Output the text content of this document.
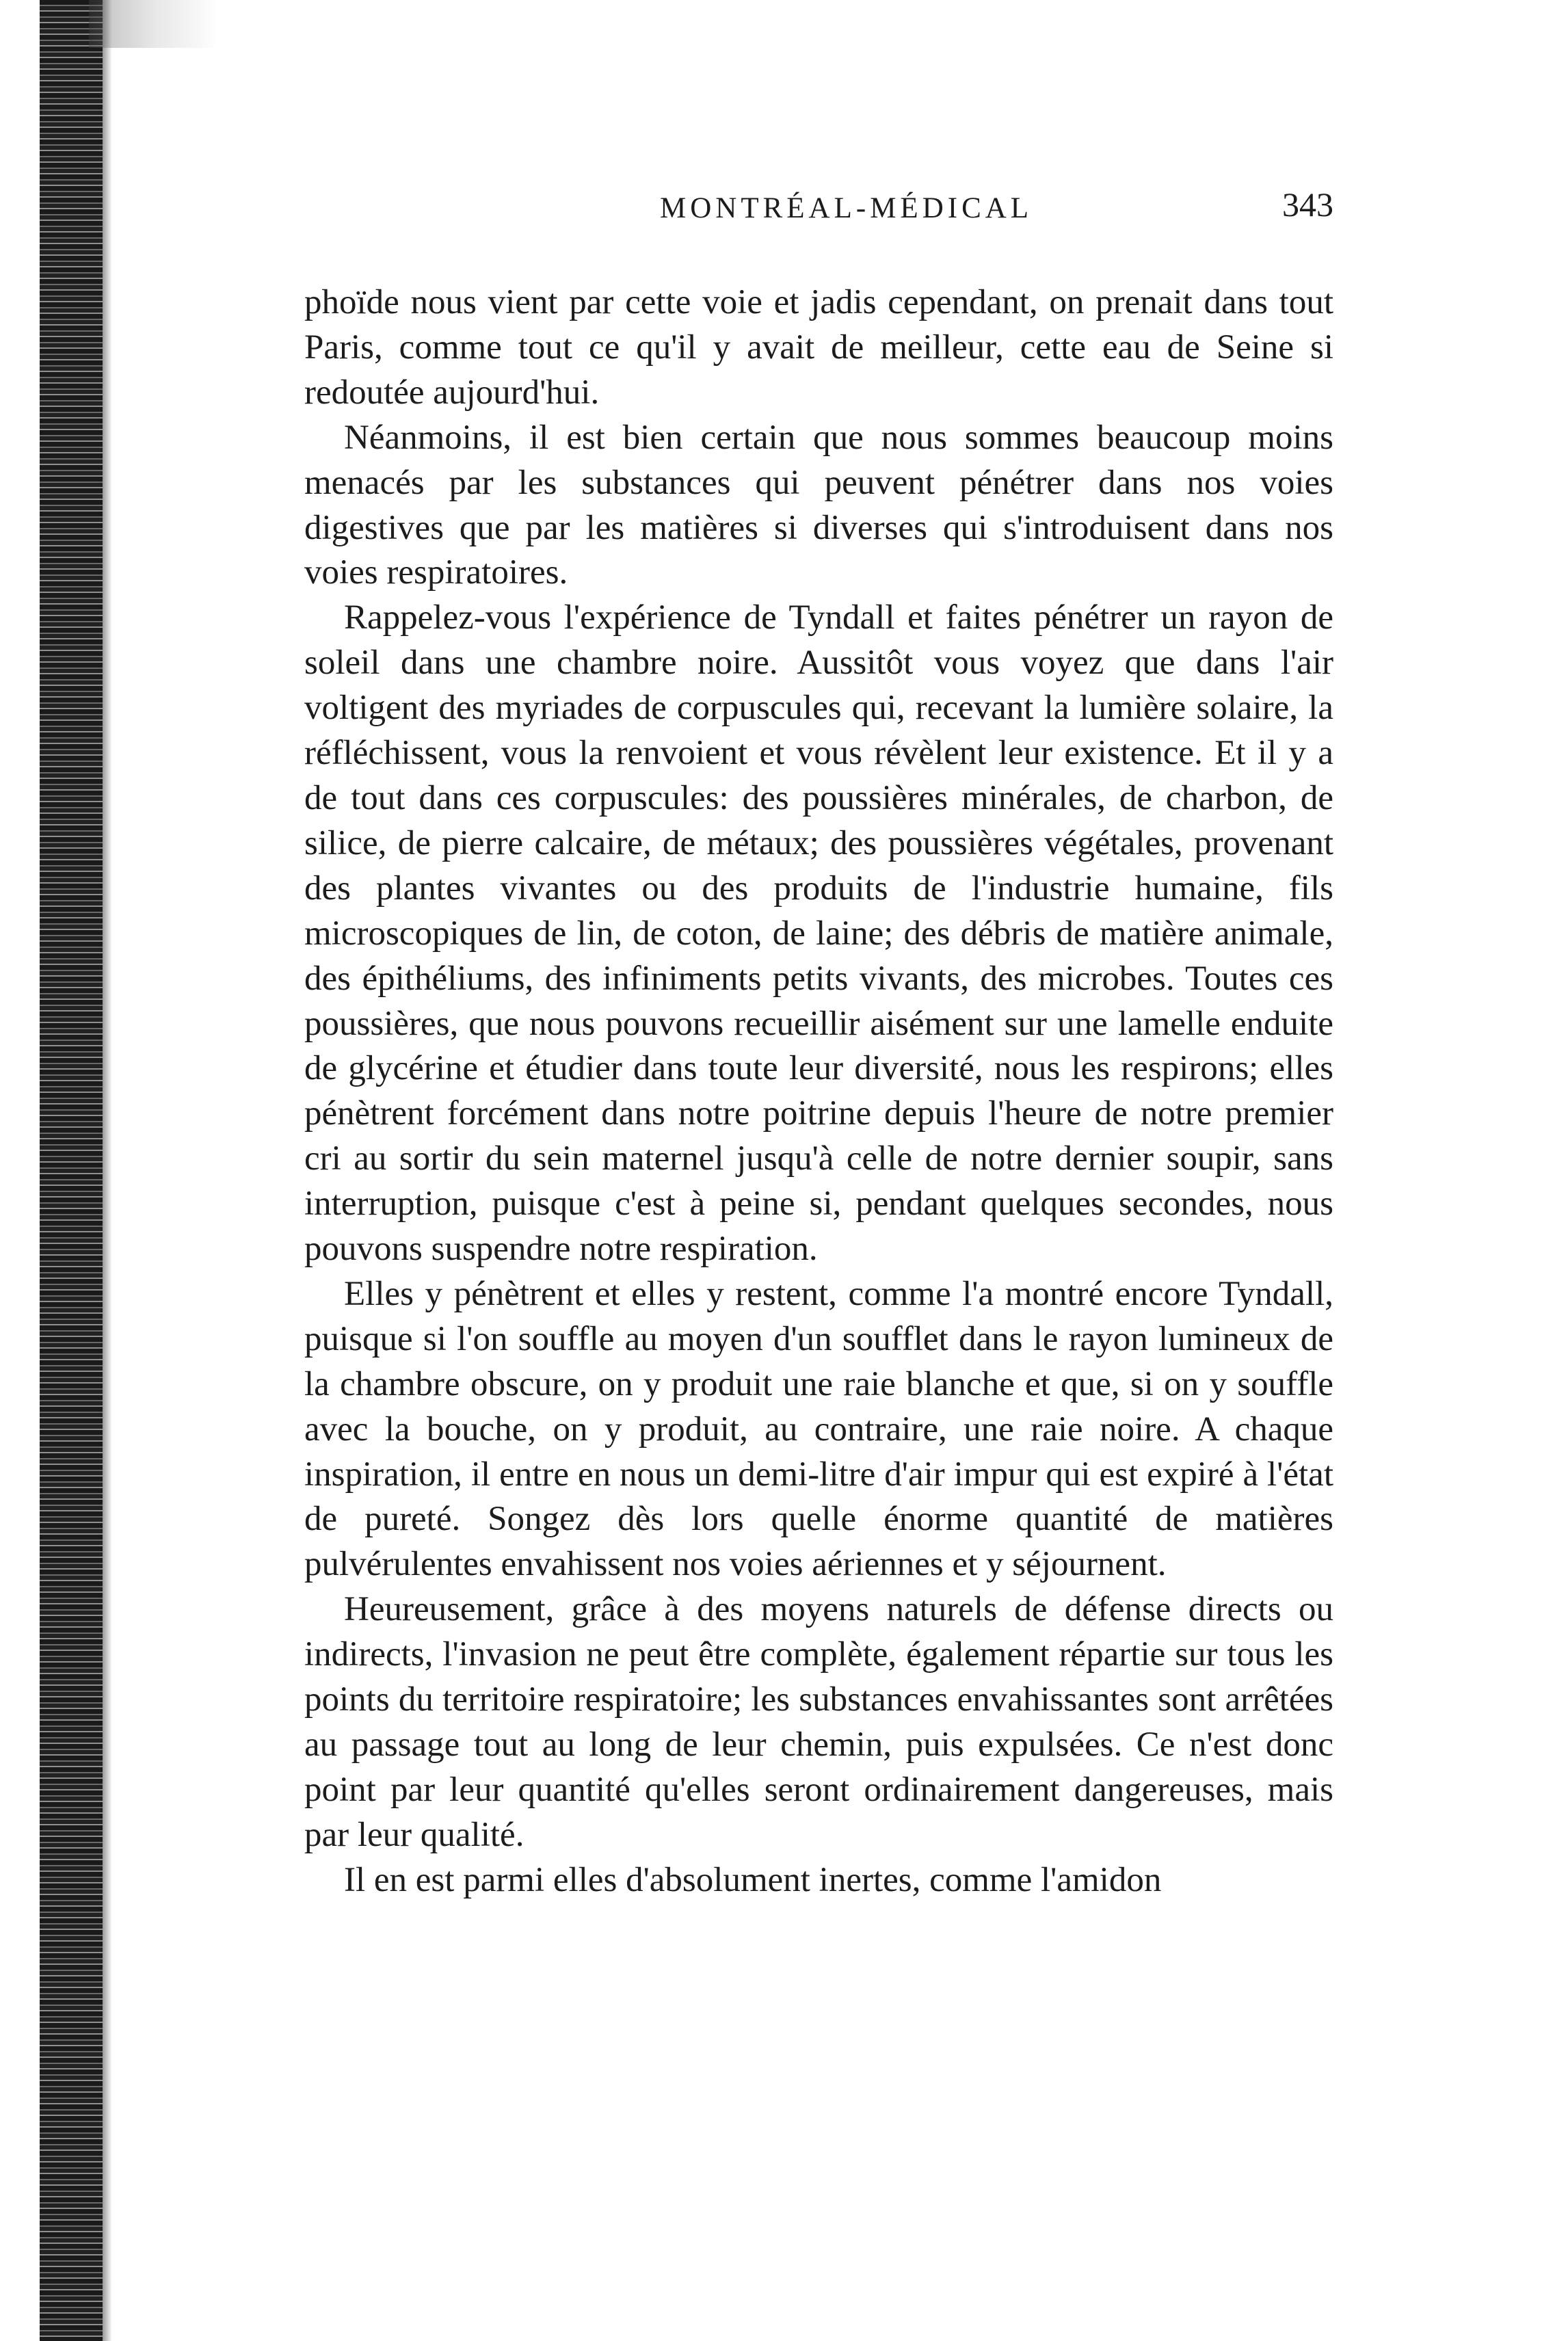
MONTRÉAL-MÉDICAL	343

phoïde nous vient par cette voie et jadis cependant, on prenait dans tout Paris, comme tout ce qu'il y avait de meilleur, cette eau de Seine si redoutée aujourd'hui.

Néanmoins, il est bien certain que nous sommes beaucoup moins menacés par les substances qui peuvent pénétrer dans nos voies digestives que par les matières si diverses qui s'introduisent dans nos voies respiratoires.

Rappelez-vous l'expérience de Tyndall et faites pénétrer un rayon de soleil dans une chambre noire. Aussitôt vous voyez que dans l'air voltigent des myriades de corpuscules qui, recevant la lumière solaire, la réfléchissent, vous la renvoient et vous révèlent leur existence. Et il y a de tout dans ces corpuscules: des poussières minérales, de charbon, de silice, de pierre calcaire, de métaux; des poussières végétales, provenant des plantes vivantes ou des produits de l'industrie humaine, fils microscopiques de lin, de coton, de laine; des débris de matière animale, des épithéliums, des infiniments petits vivants, des microbes. Toutes ces poussières, que nous pouvons recueillir aisément sur une lamelle enduite de glycérine et étudier dans toute leur diversité, nous les respirons; elles pénètrent forcément dans notre poitrine depuis l'heure de notre premier cri au sortir du sein maternel jusqu'à celle de notre dernier soupir, sans interruption, puisque c'est à peine si, pendant quelques secondes, nous pouvons suspendre notre respiration.

Elles y pénètrent et elles y restent, comme l'a montré encore Tyndall, puisque si l'on souffle au moyen d'un soufflet dans le rayon lumineux de la chambre obscure, on y produit une raie blanche et que, si on y souffle avec la bouche, on y produit, au contraire, une raie noire. A chaque inspiration, il entre en nous un demi-litre d'air impur qui est expiré à l'état de pureté. Songez dès lors quelle énorme quantité de matières pulvérulentes envahissent nos voies aériennes et y séjournent.

Heureusement, grâce à des moyens naturels de défense directs ou indirects, l'invasion ne peut être complète, également répartie sur tous les points du territoire respiratoire; les substances envahissantes sont arrêtées au passage tout au long de leur chemin, puis expulsées. Ce n'est donc point par leur quantité qu'elles seront ordinairement dangereuses, mais par leur qualité.

Il en est parmi elles d'absolument inertes, comme l'amidon
